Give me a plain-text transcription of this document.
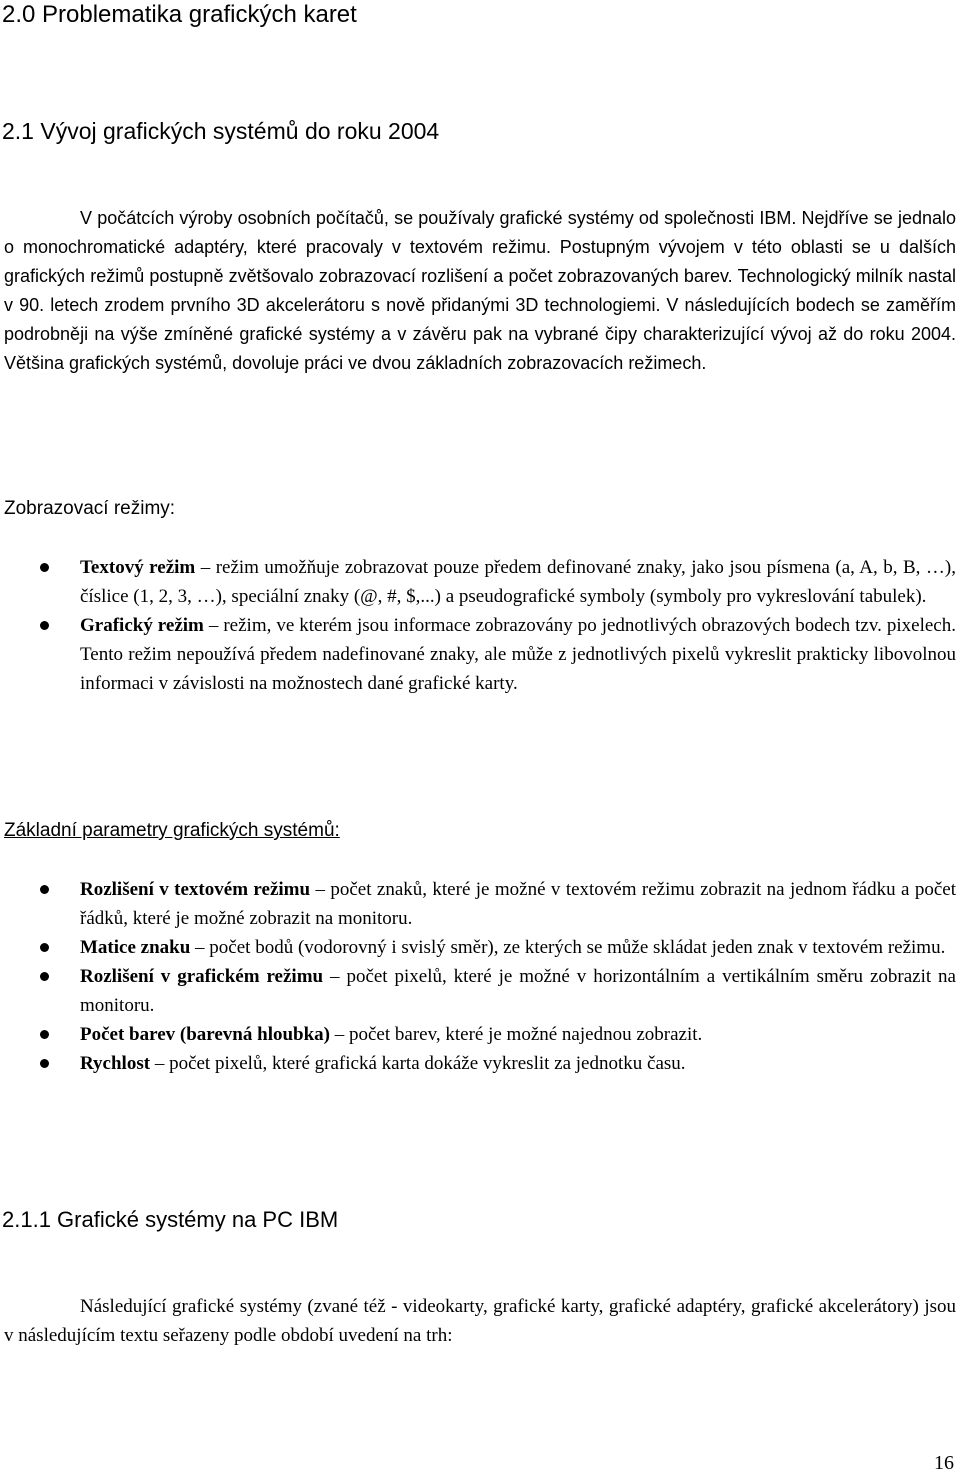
2.0 Problematika grafických karet
2.1 Vývoj grafických systémů do roku 2004

V počátcích výroby osobních počítačů, se používaly grafické systémy od společnosti IBM. Nejdříve se jednalo o monochromatické adaptéry, které pracovaly v textovém režimu. Postupným vývojem v této oblasti se u dalších grafických režimů postupně zvětšovalo zobrazovací rozlišení a počet zobrazovaných barev. Technologický milník nastal v 90. letech zrodem prvního 3D akcelerátoru s nově přidanými 3D technologiemi. V následujících bodech se zaměřím podrobněji na výše zmíněné grafické systémy a v závěru pak na vybrané čipy charakterizující vývoj až do roku 2004. Většina grafických systémů, dovoluje práci ve dvou základních zobrazovacích režimech.

Zobrazovací režimy:
Textový režim – režim umožňuje zobrazovat pouze předem definované znaky, jako jsou písmena (a, A, b, B, …), číslice (1, 2, 3, …), speciální znaky (@, #, $,...) a pseudografické symboly (symboly pro vykreslování tabulek).
Grafický režim – režim, ve kterém jsou informace zobrazovány po jednotlivých obrazových bodech tzv. pixelech. Tento režim nepoužívá předem nadefinované znaky, ale může z jednotlivých pixelů vykreslit prakticky libovolnou informaci v závislosti na možnostech dané grafické karty.
Základní parametry grafických systémů:
Rozlišení v textovém režimu – počet znaků, které je možné v textovém režimu zobrazit na jednom řádku a počet řádků, které je možné zobrazit na monitoru.
Matice znaku – počet bodů (vodorovný i svislý směr), ze kterých se může skládat jeden znak v textovém režimu.
Rozlišení v grafickém režimu – počet pixelů, které je možné v horizontálním a vertikálním směru zobrazit na monitoru.
Počet barev (barevná hloubka) – počet barev, které je možné najednou zobrazit.
Rychlost – počet pixelů, které grafická karta dokáže vykreslit za jednotku času.
2.1.1 Grafické systémy na PC IBM

Následující grafické systémy (zvané též - videokarty, grafické karty, grafické adaptéry, grafické akcelerátory) jsou v následujícím textu seřazeny podle období uvedení na trh:

16
